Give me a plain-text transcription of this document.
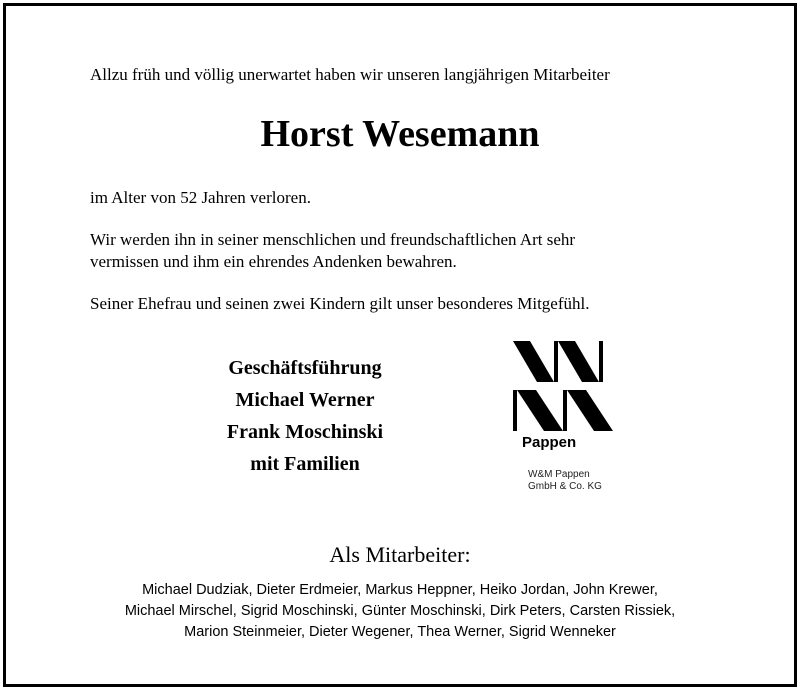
Allzu früh und völlig unerwartet haben wir unseren langjährigen Mitarbeiter
Horst Wesemann
im Alter von 52 Jahren verloren.
Wir werden ihn in seiner menschlichen und freundschaftlichen Art sehr
vermissen und ihm ein ehrendes Andenken bewahren.
Seiner Ehefrau und seinen zwei Kindern gilt unser besonderes Mitgefühl.
Geschäftsführung
Michael Werner
Frank Moschinski
mit Familien
Pappen
W&M Pappen
GmbH & Co. KG
Als Mitarbeiter:
Michael Dudziak, Dieter Erdmeier, Markus Heppner, Heiko Jordan, John Krewer,
Michael Mirschel, Sigrid Moschinski, Günter Moschinski, Dirk Peters, Carsten Rissiek,
Marion Steinmeier, Dieter Wegener, Thea Werner, Sigrid Wenneker
